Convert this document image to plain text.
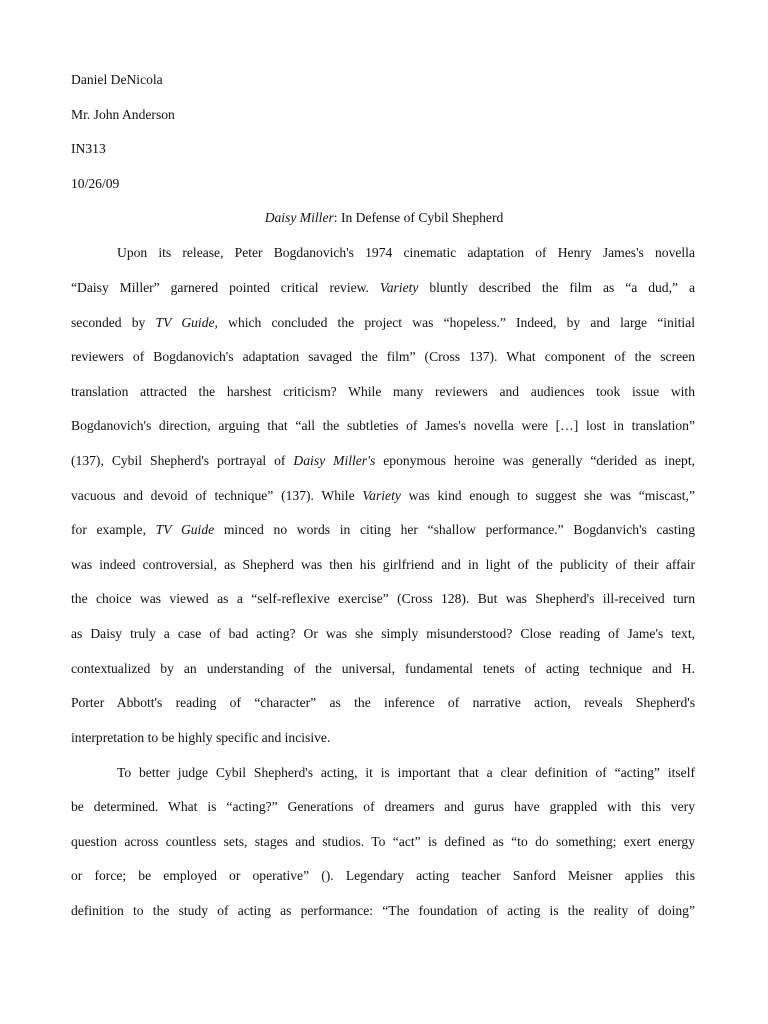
Daniel DeNicola

Mr. John Anderson

IN313

10/26/09

Daisy Miller: In Defense of Cybil Shepherd

Upon its release, Peter Bogdanovich's 1974 cinematic adaptation of Henry James's novella

“Daisy Miller” garnered pointed critical review. Variety bluntly described the film as “a dud,” a

seconded by TV Guide, which concluded the project was “hopeless.” Indeed, by and large “initial

reviewers of Bogdanovich's adaptation savaged the film” (Cross 137). What component of the screen

translation attracted the harshest criticism? While many reviewers and audiences took issue with

Bogdanovich's direction, arguing that “all the subtleties of James's novella were […] lost in translation”

(137), Cybil Shepherd's portrayal of Daisy Miller's eponymous heroine was generally “derided as inept,

vacuous and devoid of technique” (137). While Variety was kind enough to suggest she was “miscast,”

for example, TV Guide minced no words in citing her “shallow performance.” Bogdanvich's casting

was indeed controversial, as Shepherd was then his girlfriend and in light of the publicity of their affair

the choice was viewed as a “self-reflexive exercise” (Cross 128). But was Shepherd's ill-received turn

as Daisy truly a case of bad acting? Or was she simply misunderstood? Close reading of Jame's text,

contextualized by an understanding of the universal, fundamental tenets of acting technique and H.

Porter Abbott's reading of “character” as the inference of narrative action, reveals Shepherd's

interpretation to be highly specific and incisive.

To better judge Cybil Shepherd's acting, it is important that a clear definition of “acting” itself

be determined. What is “acting?” Generations of dreamers and gurus have grappled with this very

question across countless sets, stages and studios. To “act” is defined as “to do something; exert energy

or force; be employed or operative” (). Legendary acting teacher Sanford Meisner applies this

definition to the study of acting as performance: “The foundation of acting is the reality of doing”
